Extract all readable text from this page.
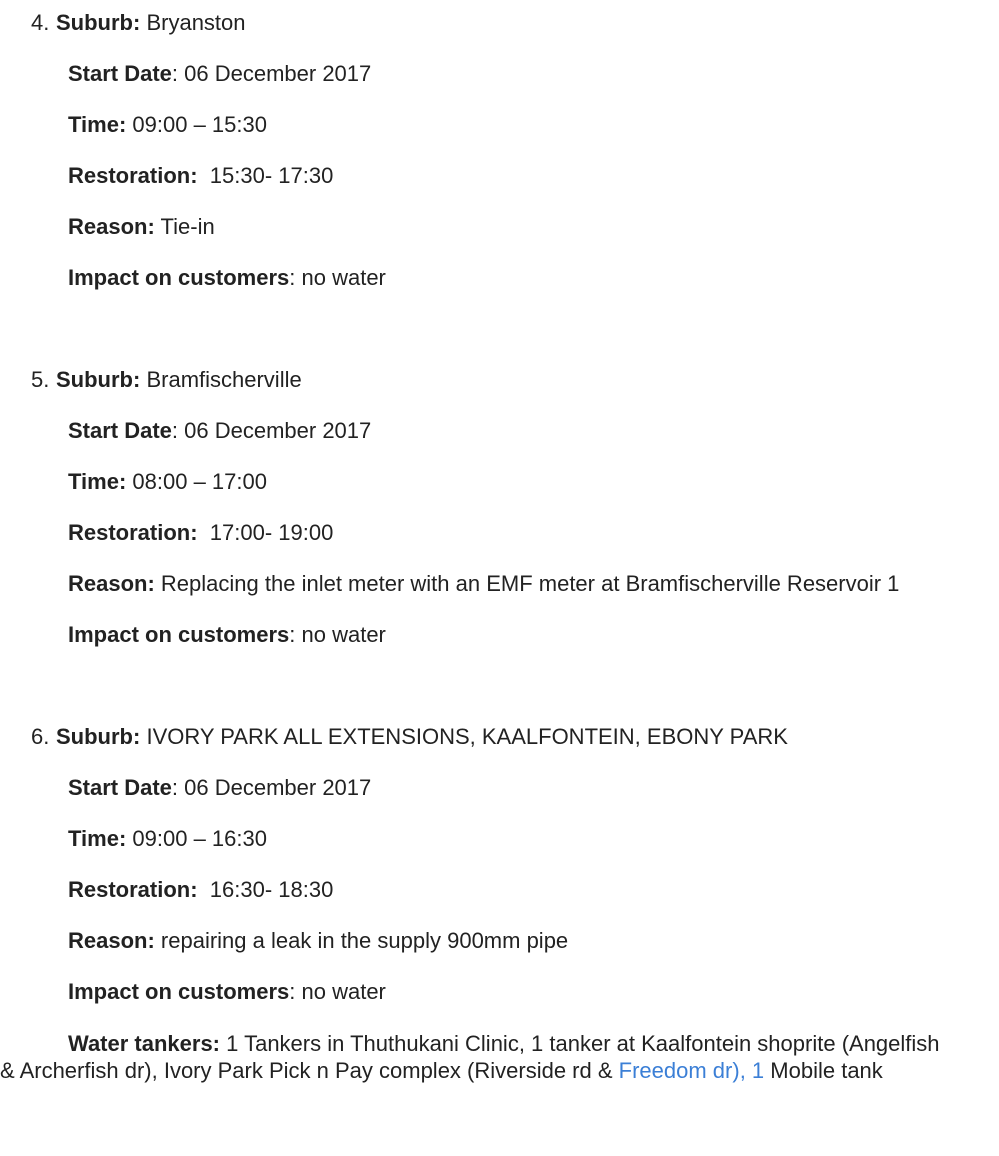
4. Suburb: Bryanston
Start Date: 06 December 2017
Time: 09:00 – 15:30
Restoration: 15:30- 17:30
Reason: Tie-in
Impact on customers: no water
5. Suburb: Bramfischerville
Start Date: 06 December 2017
Time: 08:00 – 17:00
Restoration: 17:00- 19:00
Reason: Replacing the inlet meter with an EMF meter at Bramfischerville Reservoir 1
Impact on customers: no water
6. Suburb: IVORY PARK ALL EXTENSIONS, KAALFONTEIN, EBONY PARK
Start Date: 06 December 2017
Time: 09:00 – 16:30
Restoration: 16:30- 18:30
Reason: repairing a leak in the supply 900mm pipe
Impact on customers: no water
Water tankers: 1 Tankers in Thuthukani Clinic, 1 tanker at Kaalfontein shoprite (Angelfish & Archerfish dr), Ivory Park Pick n Pay complex (Riverside rd & Freedom dr), 1 Mobile tank
